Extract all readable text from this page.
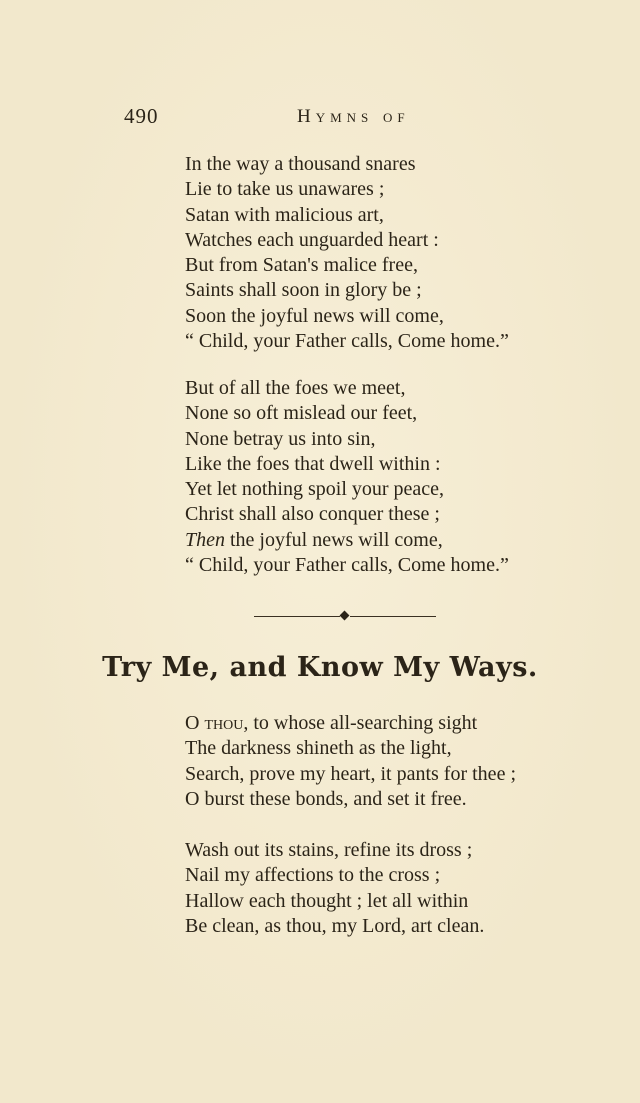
490	Hymns of
In the way a thousand snares
Lie to take us unawares ;
Satan with malicious art,
Watches each unguarded heart :
But from Satan's malice free,
Saints shall soon in glory be ;
Soon the joyful news will come,
“ Child, your Father calls, Come home.”
But of all the foes we meet,
None so oft mislead our feet,
None betray us into sin,
Like the foes that dwell within :
Yet let nothing spoil your peace,
Christ shall also conquer these ;
Then the joyful news will come,
“ Child, your Father calls, Come home.”
Try Me, and Know My Ways.
O thou, to whose all-searching sight
The darkness shineth as the light,
Search, prove my heart, it pants for thee ;
O burst these bonds, and set it free.
Wash out its stains, refine its dross ;
Nail my affections to the cross ;
Hallow each thought ; let all within
Be clean, as thou, my Lord, art clean.
